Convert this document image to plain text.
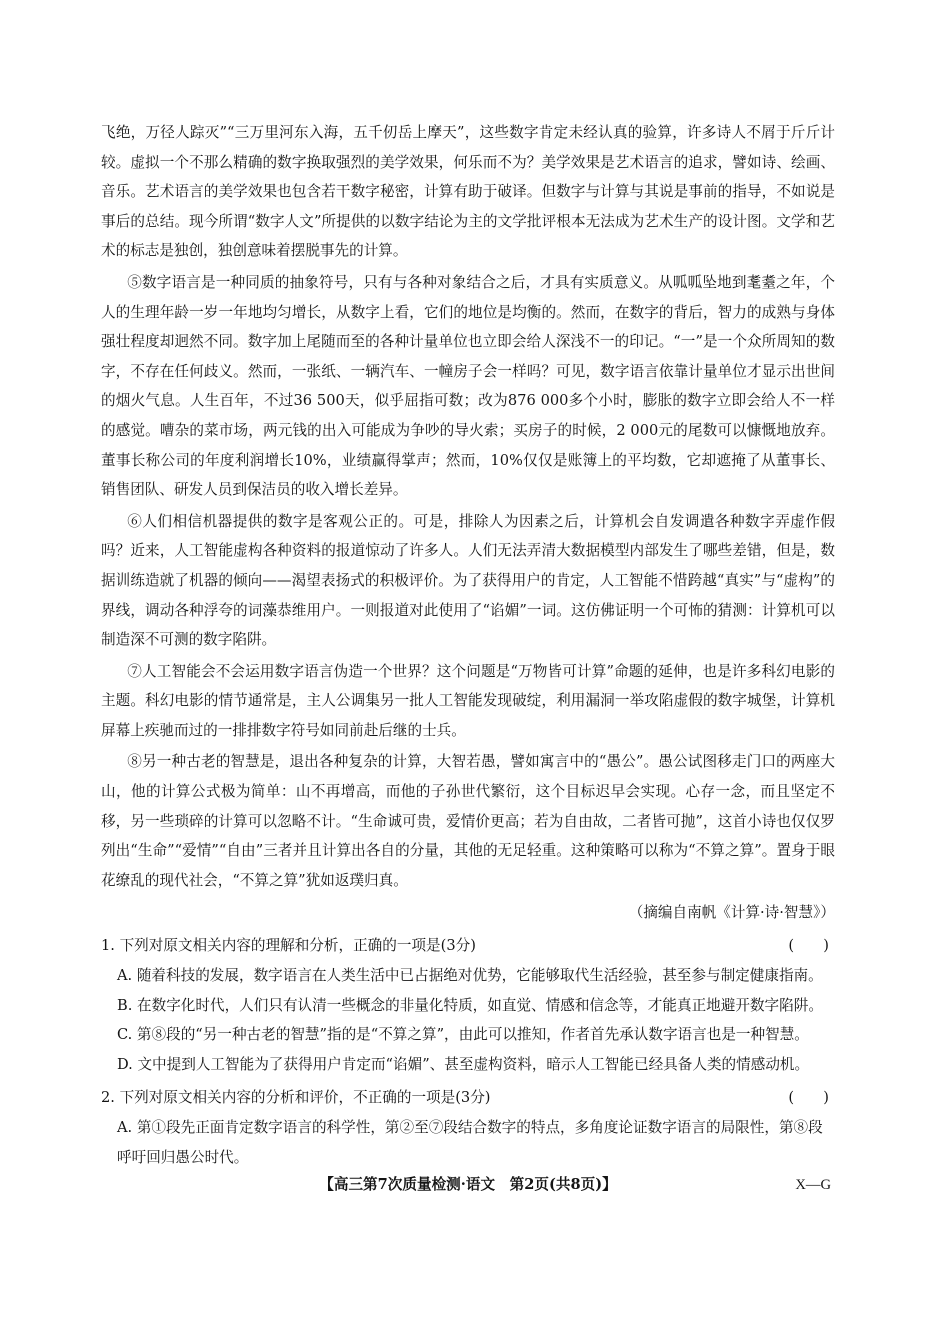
飞绝，万径人踪灭”“三万里河东入海，五千仞岳上摩天”，这些数字肯定未经认真的验算，许多诗人不屑于斤斤计较。虚拟一个不那么精确的数字换取强烈的美学效果，何乐而不为？美学效果是艺术语言的追求，譬如诗、绘画、音乐。艺术语言的美学效果也包含若干数字秘密，计算有助于破译。但数字与计算与其说是事前的指导，不如说是事后的总结。现今所谓“数字人文”所提供的以数字结论为主的文学批评根本无法成为艺术生产的设计图。文学和艺术的标志是独创，独创意味着摆脱事先的计算。

⑤数字语言是一种同质的抽象符号，只有与各种对象结合之后，才具有实质意义。从呱呱坠地到耄耋之年，个人的生理年龄一岁一年地均匀增长，从数字上看，它们的地位是均衡的。然而，在数字的背后，智力的成熟与身体强壮程度却迥然不同。数字加上尾随而至的各种计量单位也立即会给人深浅不一的印记。“一”是一个众所周知的数字，不存在任何歧义。然而，一张纸、一辆汽车、一幢房子会一样吗？可见，数字语言依靠计量单位才显示出世间的烟火气息。人生百年，不过36 500天，似乎屈指可数；改为876 000多个小时，膨胀的数字立即会给人不一样的感觉。嘈杂的菜市场，两元钱的出入可能成为争吵的导火索；买房子的时候，2 000元的尾数可以慷慨地放弃。董事长称公司的年度利润增长10%，业绩赢得掌声；然而，10%仅仅是账簿上的平均数，它却遮掩了从董事长、销售团队、研发人员到保洁员的收入增长差异。

⑥人们相信机器提供的数字是客观公正的。可是，排除人为因素之后，计算机会自发调遣各种数字弄虚作假吗？近来，人工智能虚构各种资料的报道惊动了许多人。人们无法弄清大数据模型内部发生了哪些差错，但是，数据训练造就了机器的倾向——渴望表扬式的积极评价。为了获得用户的肯定，人工智能不惜跨越“真实”与“虚构”的界线，调动各种浮夸的词藻恭维用户。一则报道对此使用了“谄媚”一词。这仿佛证明一个可怖的猜测：计算机可以制造深不可测的数字陷阱。

⑦人工智能会不会运用数字语言伪造一个世界？这个问题是“万物皆可计算”命题的延伸，也是许多科幻电影的主题。科幻电影的情节通常是，主人公调集另一批人工智能发现破绽，利用漏洞一举攻陷虚假的数字城堡，计算机屏幕上疾驰而过的一排排数字符号如同前赴后继的士兵。

⑧另一种古老的智慧是，退出各种复杂的计算，大智若愚，譬如寓言中的“愚公”。愚公试图移走门口的两座大山，他的计算公式极为简单：山不再增高，而他的子孙世代繁衍，这个目标迟早会实现。心存一念，而且坚定不移，另一些琐碎的计算可以忽略不计。“生命诚可贵，爱情价更高；若为自由故，二者皆可抛”，这首小诗也仅仅罗列出“生命”“爱情”“自由”三者并且计算出各自的分量，其他的无足轻重。这种策略可以称为“不算之算”。置身于眼花缭乱的现代社会，“不算之算”犹如返璞归真。

（摘编自南帆《计算·诗·智慧》）

1. 下列对原文相关内容的理解和分析，正确的一项是(3分)	(　　)

A. 随着科技的发展，数字语言在人类生活中已占据绝对优势，它能够取代生活经验，甚至参与制定健康指南。

B. 在数字化时代，人们只有认清一些概念的非量化特质，如直觉、情感和信念等，才能真正地避开数字陷阱。

C. 第⑧段的“另一种古老的智慧”指的是“不算之算”，由此可以推知，作者首先承认数字语言也是一种智慧。

D. 文中提到人工智能为了获得用户肯定而“谄媚”、甚至虚构资料，暗示人工智能已经具备人类的情感动机。

2. 下列对原文相关内容的分析和评价，不正确的一项是(3分)	(　　)

A. 第①段先正面肯定数字语言的科学性，第②至⑦段结合数字的特点，多角度论证数字语言的局限性，第⑧段呼吁回归愚公时代。

【高三第7次质量检测·语文　第2页(共8页)】	X—G
